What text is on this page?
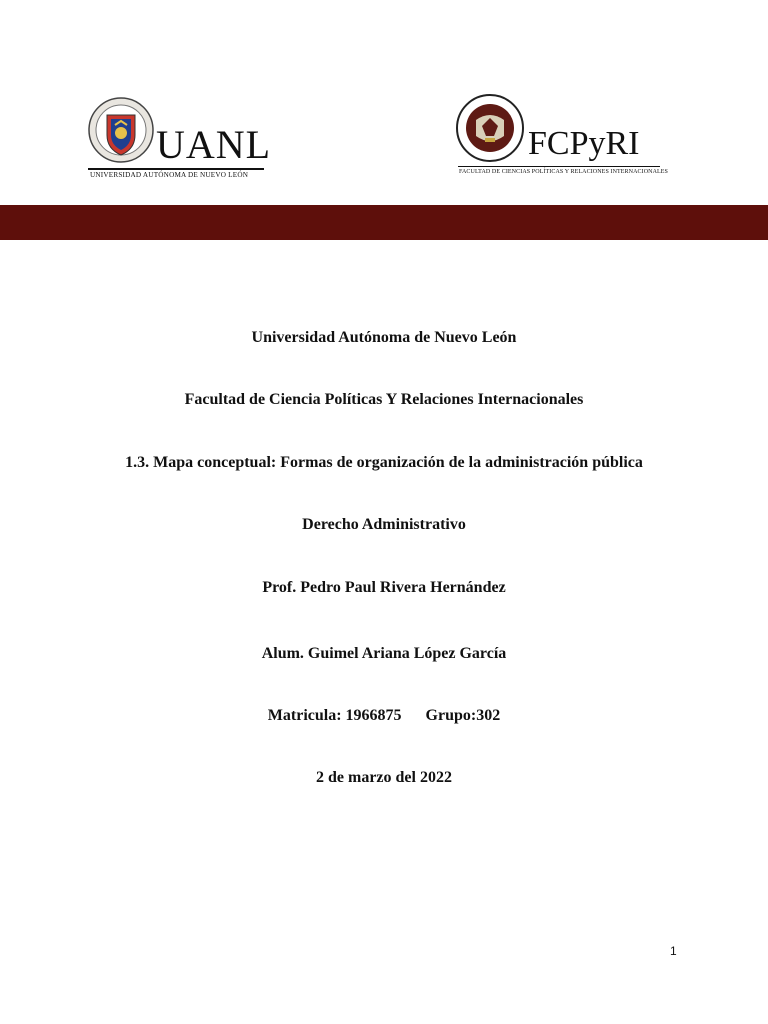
UANL
UNIVERSIDAD AUTÓNOMA DE NUEVO LEÓN
FCPyRI
FACULTAD DE CIENCIAS POLÍTICAS Y RELACIONES INTERNACIONALES
Universidad Autónoma de Nuevo León
Facultad de Ciencia Políticas Y Relaciones Internacionales
1.3. Mapa conceptual: Formas de organización de la administración pública
Derecho Administrativo
Prof. Pedro Paul Rivera Hernández
Alum. Guimel Ariana López García
Matricula: 1966875 Grupo:302
2 de marzo del 2022
1
